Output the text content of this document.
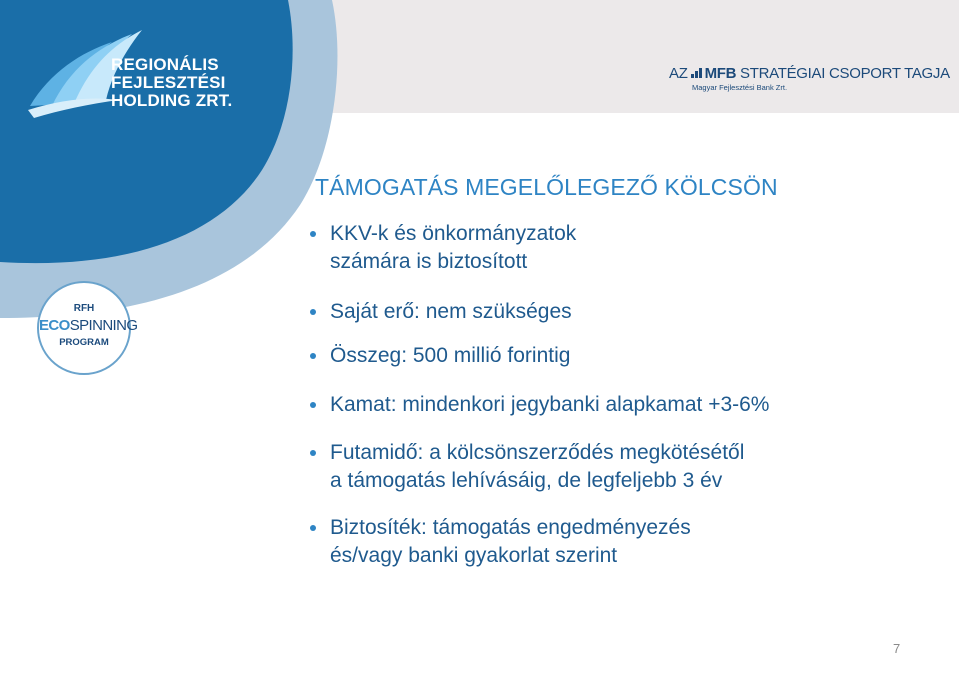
REGIONÁLIS
FEJLESZTÉSI
HOLDING ZRT.
AZ MFB STRATÉGIAI CSOPORT TAGJA
Magyar Fejlesztési Bank Zrt.
RFH
ECOSPINNING
PROGRAM
TÁMOGATÁS MEGELŐLEGEZŐ KÖLCSÖN
KKV-k és önkormányzatok
számára is biztosított
Saját erő: nem szükséges
Összeg: 500 millió forintig
Kamat: mindenkori jegybanki alapkamat +3-6%
Futamidő: a kölcsönszerződés megkötésétől
a támogatás lehívásáig, de legfeljebb 3 év
Biztosíték: támogatás engedményezés
és/vagy banki gyakorlat szerint
7
